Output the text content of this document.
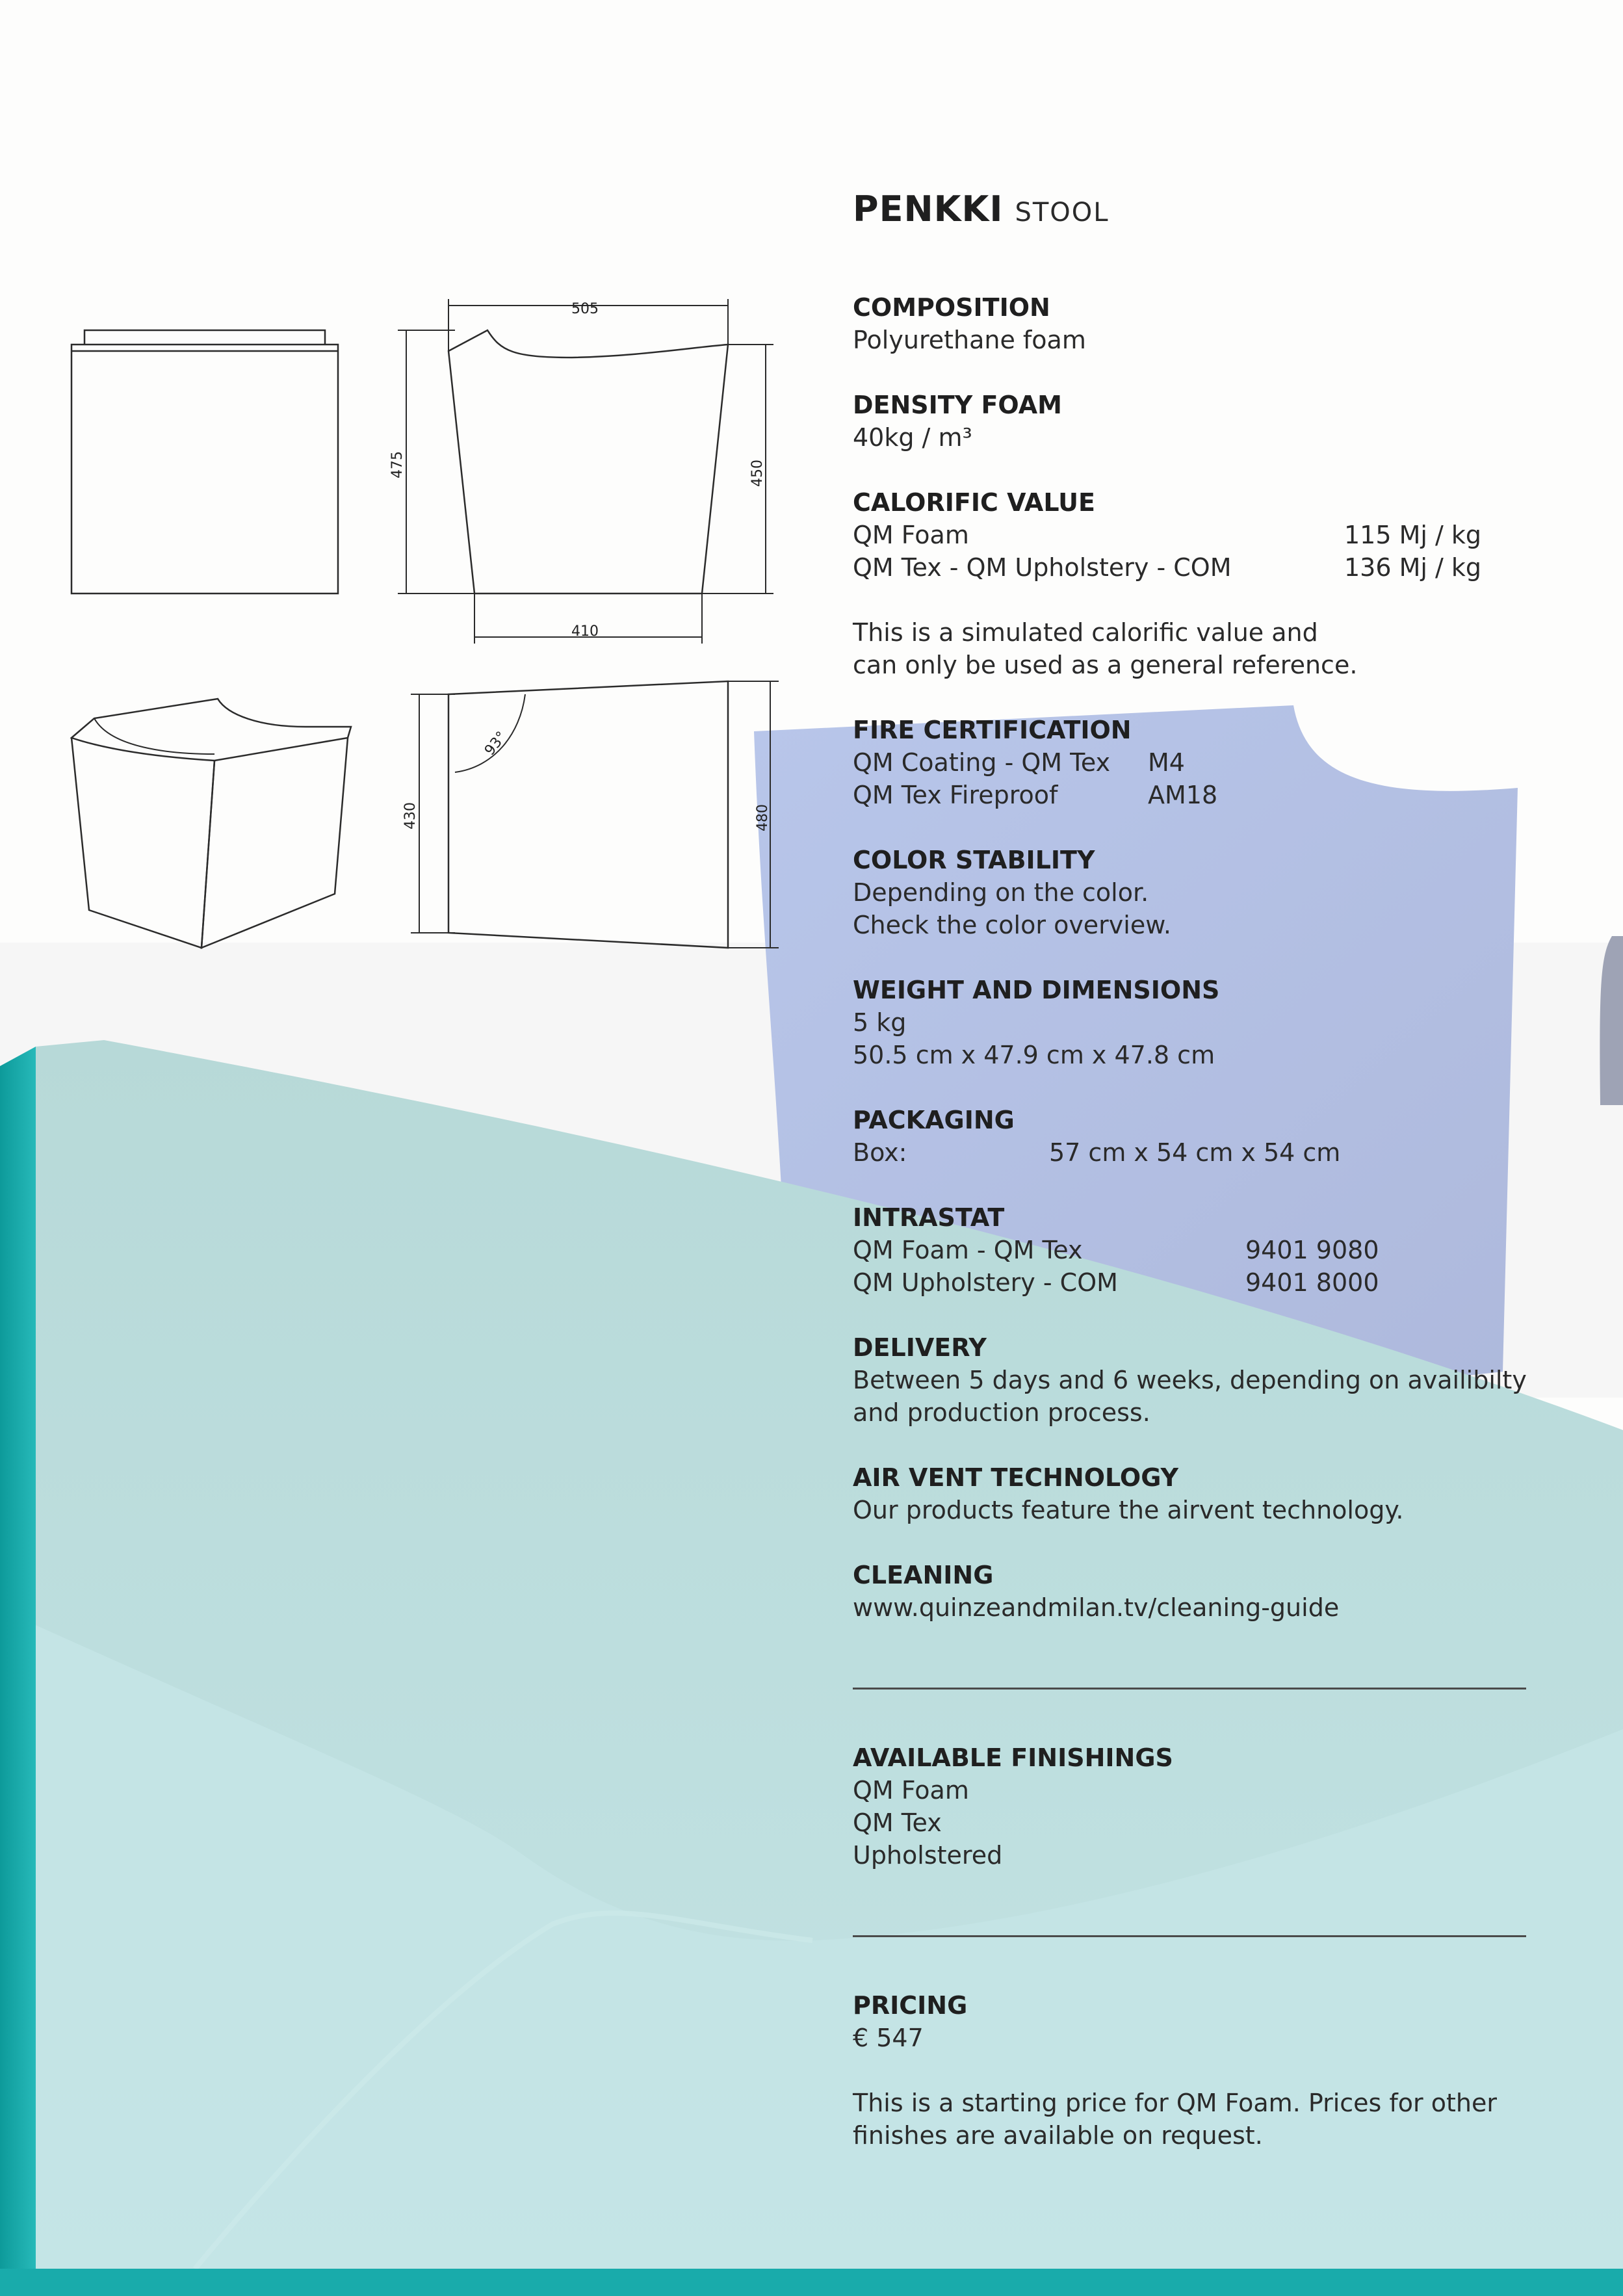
505
410
475	450
430	480
93°
PENKKI STOOL
COMPOSITION
Polyurethane foam
DENSITY FOAM
40kg / m³
CALORIFIC VALUE
QM Foam	115 Mj / kg
QM Tex - QM Upholstery - COM	136 Mj / kg
This is a simulated calorific value and
can only be used as a general reference.
FIRE CERTIFICATION
QM Coating - QM Tex	M4
QM Tex Fireproof	AM18
COLOR STABILITY
Depending on the color.
Check the color overview.
WEIGHT AND DIMENSIONS
5 kg
50.5 cm x 47.9 cm x 47.8 cm
PACKAGING
Box:	57 cm x 54 cm x 54 cm
INTRASTAT
QM Foam - QM Tex	9401 9080
QM Upholstery - COM	9401 8000
DELIVERY
Between 5 days and 6 weeks, depending on availibilty
and production process.
AIR VENT TECHNOLOGY
Our products feature the airvent technology.
CLEANING
www.quinzeandmilan.tv/cleaning-guide
AVAILABLE FINISHINGS
QM Foam
QM Tex
Upholstered
PRICING
€ 547
This is a starting price for QM Foam. Prices for other
finishes are available on request.
